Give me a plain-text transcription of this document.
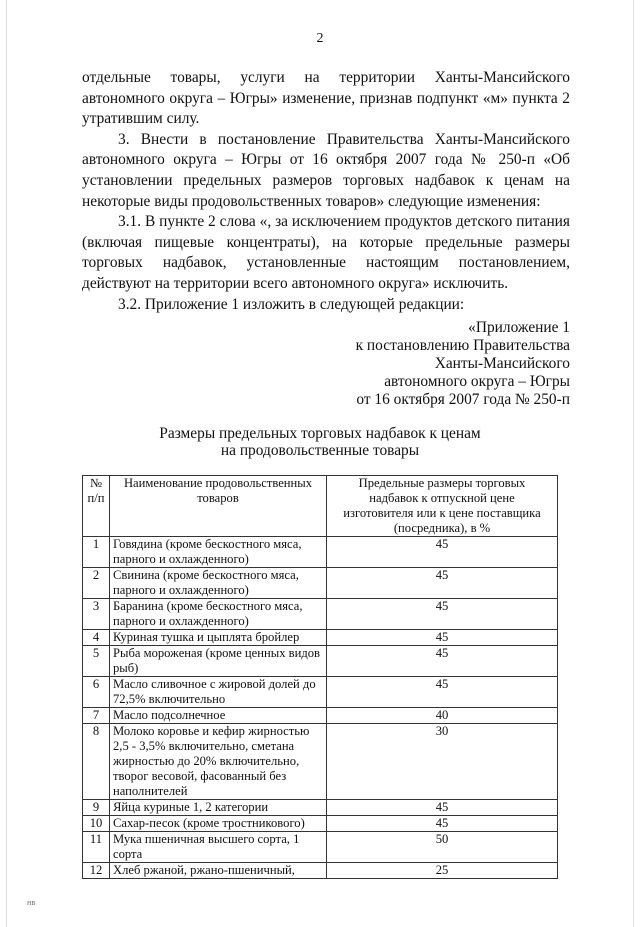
2

отдельные товары, услуги на территории Ханты-Мансийского автономного округа – Югры» изменение, признав подпункт «м» пункта 2 утратившим силу.

3. Внести в постановление Правительства Ханты-Мансийского автономного округа – Югры от 16 октября 2007 года № 250-п «Об установлении предельных размеров торговых надбавок к ценам на некоторые виды продовольственных товаров» следующие изменения:

3.1. В пункте 2 слова «, за исключением продуктов детского питания (включая пищевые концентраты), на которые предельные размеры торговых надбавок, установленные настоящим постановлением, действуют на территории всего автономного округа» исключить.

3.2. Приложение 1 изложить в следующей редакции:

«Приложение 1
к постановлению Правительства
Ханты-Мансийского
автономного округа – Югры
от 16 октября 2007 года № 250-п
Размеры предельных торговых надбавок к ценам
на продовольственные товары
№ п/п	Наименование продовольственных товаров	Предельные размеры торговых надбавок к отпускной цене изготовителя или к цене поставщика (посредника), в %
1	Говядина (кроме бескостного мяса, парного и охлажденного)	45
2	Свинина (кроме бескостного мяса, парного и охлажденного)	45
3	Баранина (кроме бескостного мяса, парного и охлажденного)	45
4	Куриная тушка и цыплята бройлер	45
5	Рыба мороженая (кроме ценных видов рыб)	45
6	Масло сливочное с жировой долей до 72,5% включительно	45
7	Масло подсолнечное	40
8	Молоко коровье и кефир жирностью 2,5 - 3,5% включительно, сметана жирностью до 20% включительно, творог весовой, фасованный без наполнителей	30
9	Яйца куриные 1, 2 категории	45
10	Сахар-песок (кроме тростникового)	45
11	Мука пшеничная высшего сорта, 1 сорта	50
12	Хлеб ржаной, ржано-пшеничный,	25
НВ
